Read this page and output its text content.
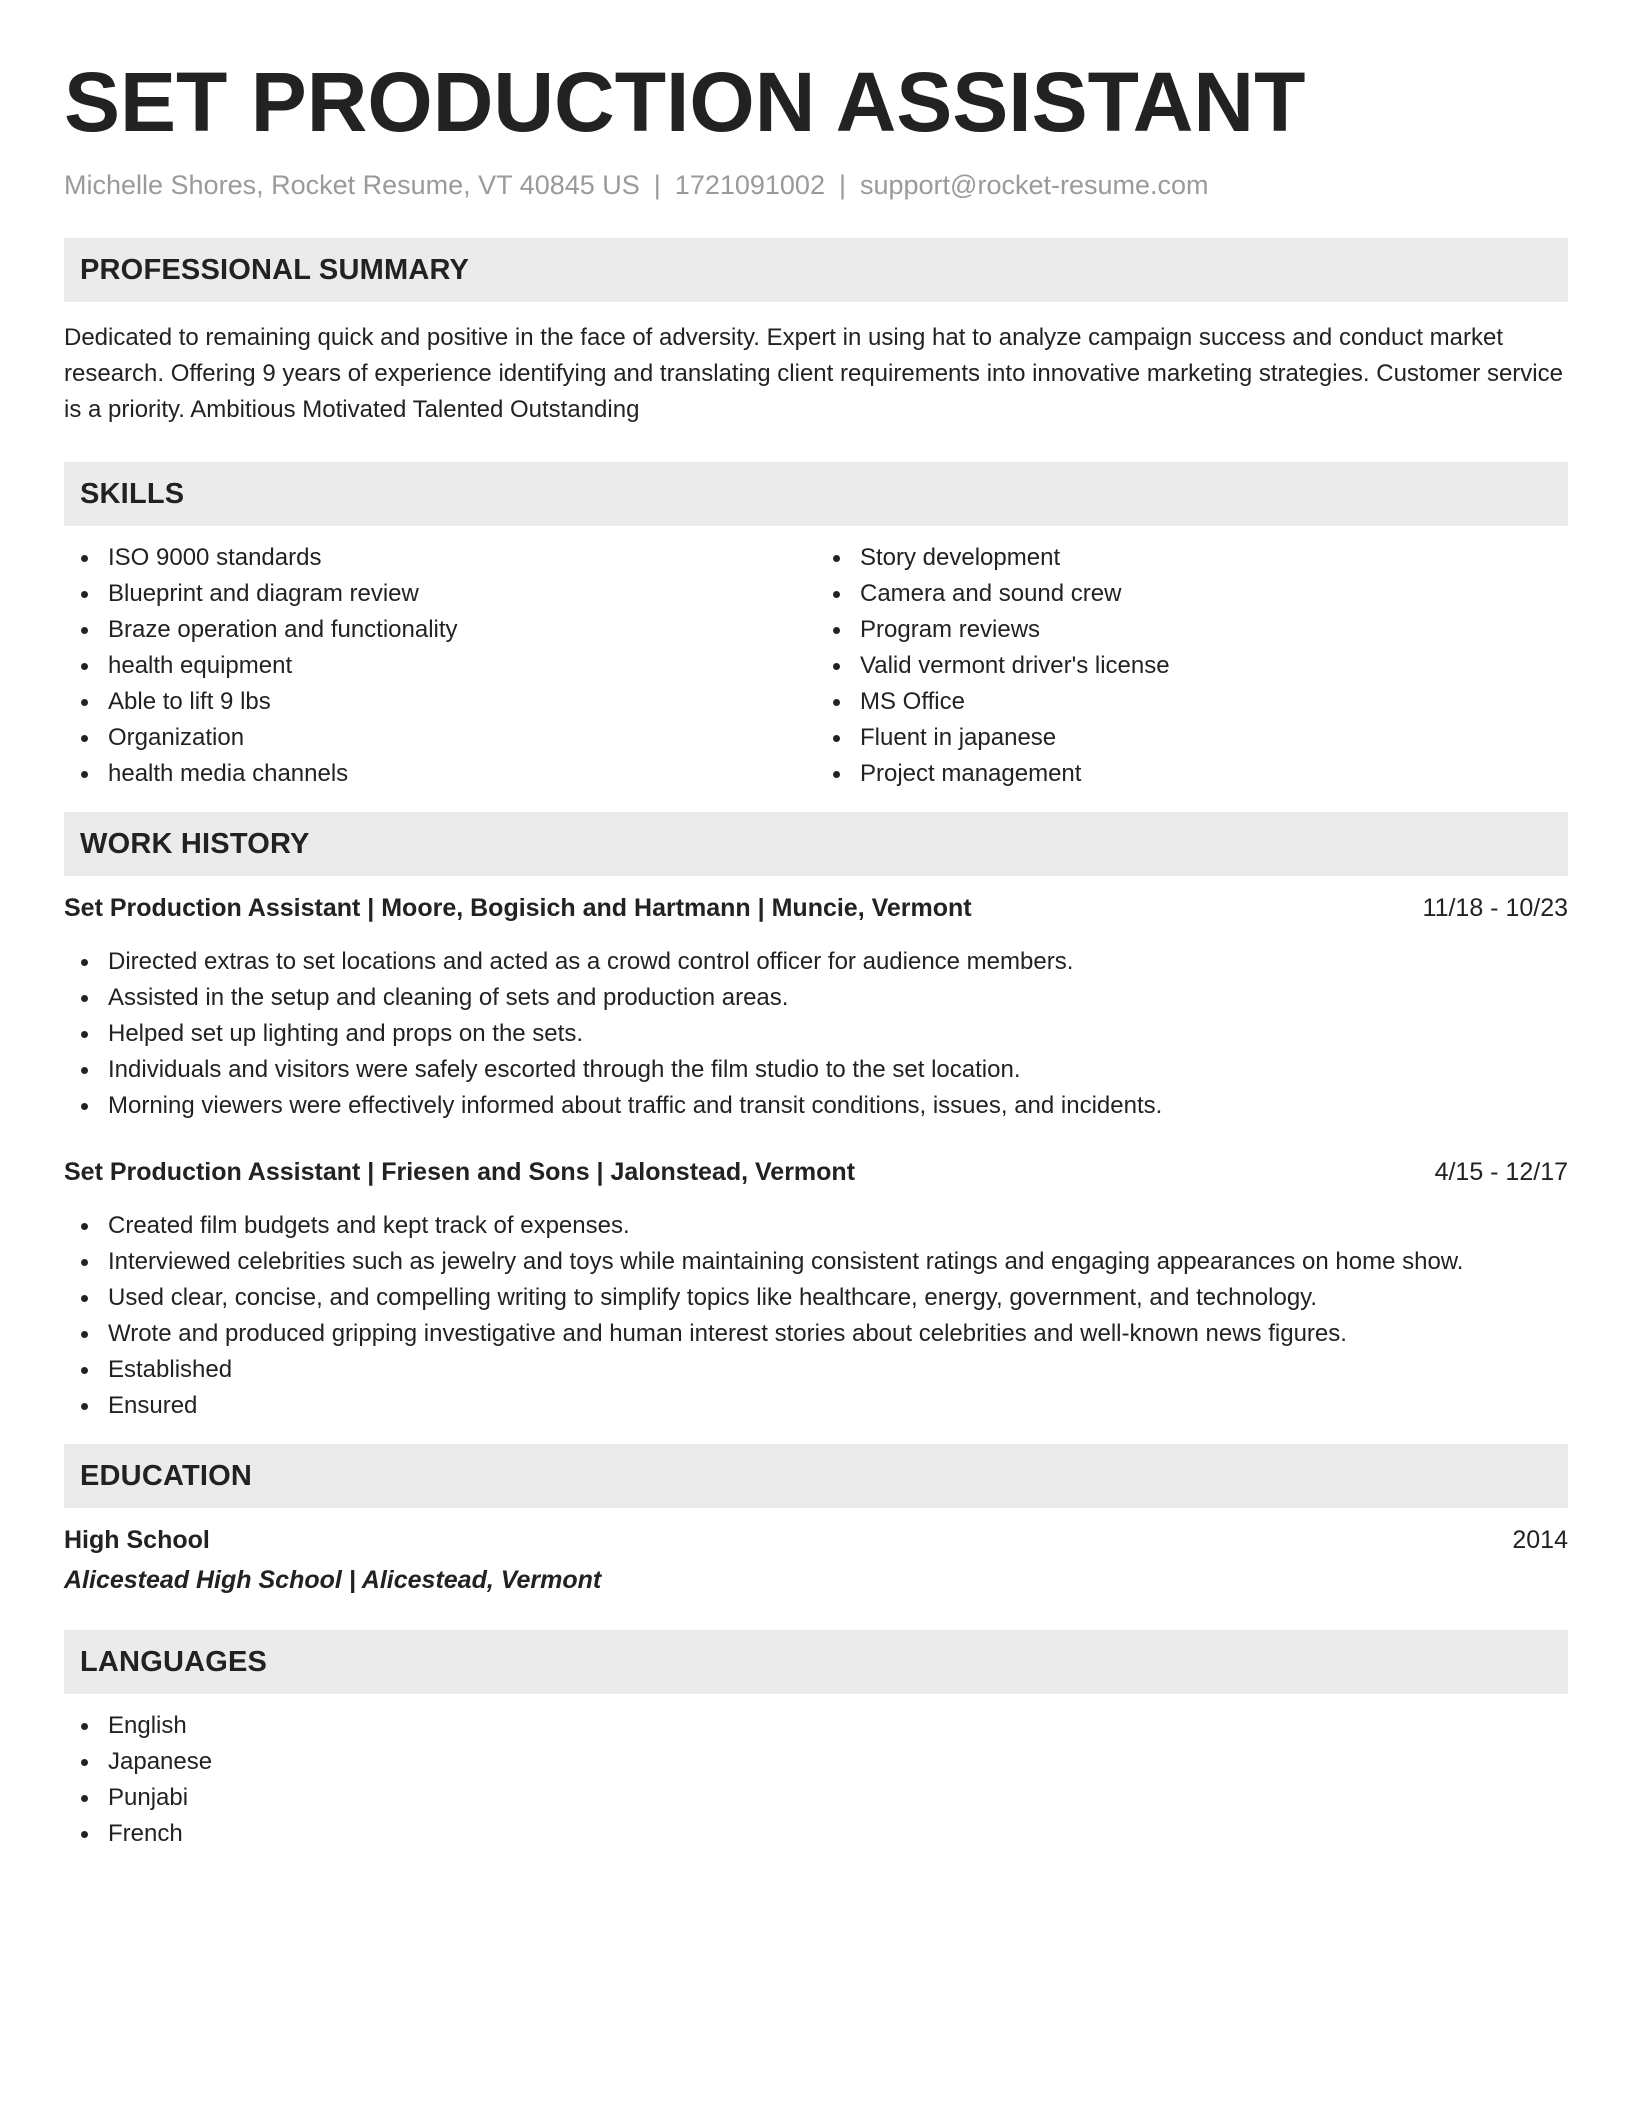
SET PRODUCTION ASSISTANT
Michelle Shores, Rocket Resume, VT 40845 US | 1721091002 | support@rocket-resume.com
PROFESSIONAL SUMMARY

Dedicated to remaining quick and positive in the face of adversity. Expert in using hat to analyze campaign success and conduct market research. Offering 9 years of experience identifying and translating client requirements into innovative marketing strategies. Customer service is a priority. Ambitious Motivated Talented Outstanding

SKILLS
ISO 9000 standards
Blueprint and diagram review
Braze operation and functionality
health equipment
Able to lift 9 lbs
Organization
health media channels
Story development
Camera and sound crew
Program reviews
Valid vermont driver's license
MS Office
Fluent in japanese
Project management
WORK HISTORY
Set Production Assistant | Moore, Bogisich and Hartmann | Muncie, Vermont	11/18 - 10/23
Directed extras to set locations and acted as a crowd control officer for audience members.
Assisted in the setup and cleaning of sets and production areas.
Helped set up lighting and props on the sets.
Individuals and visitors were safely escorted through the film studio to the set location.
Morning viewers were effectively informed about traffic and transit conditions, issues, and incidents.
Set Production Assistant | Friesen and Sons | Jalonstead, Vermont	4/15 - 12/17
Created film budgets and kept track of expenses.
Interviewed celebrities such as jewelry and toys while maintaining consistent ratings and engaging appearances on home show.
Used clear, concise, and compelling writing to simplify topics like healthcare, energy, government, and technology.
Wrote and produced gripping investigative and human interest stories about celebrities and well-known news figures.
Established
Ensured
EDUCATION
High School	2014
Alicestead High School | Alicestead, Vermont
LANGUAGES
English
Japanese
Punjabi
French
